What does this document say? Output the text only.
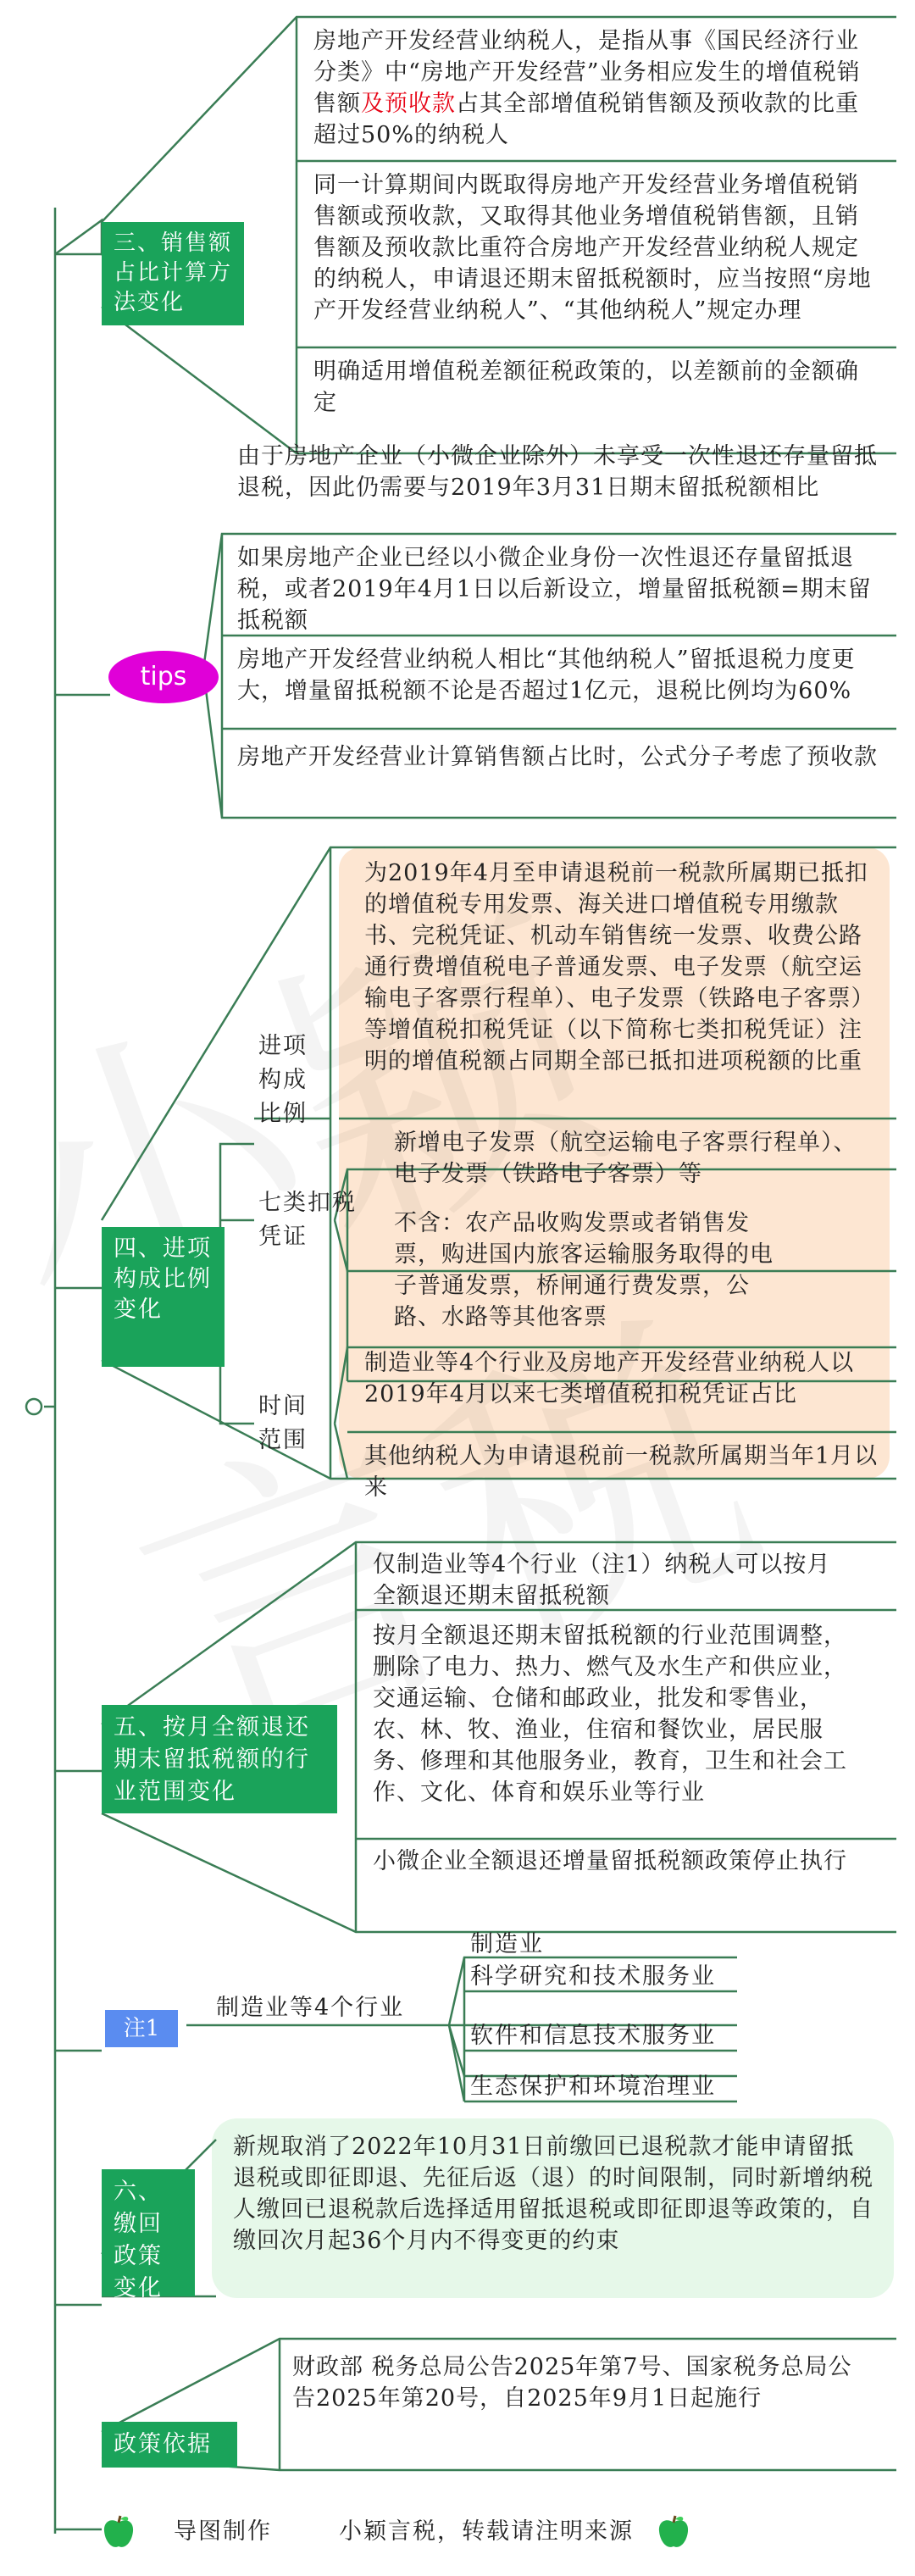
三、销售额占比计算方法变化
房地产开发经营业纳税人，是指从事《国民经济行业分类》中“房地产开发经营”业务相应发生的增值税销售额及预收款占其全部增值税销售额及预收款的比重超过50%的纳税人
同一计算期间内既取得房地产开发经营业务增值税销售额或预收款，又取得其他业务增值税销售额，且销售额及预收款比重符合房地产开发经营业纳税人规定的纳税人，申请退还期末留抵税额时，应当按照“房地产开发经营业纳税人”、“其他纳税人”规定办理
明确适用增值税差额征税政策的，以差额前的金额确定
tips
由于房地产企业（小微企业除外）未享受一次性退还存量留抵退税，因此仍需要与2019年3月31日期末留抵税额相比
如果房地产企业已经以小微企业身份一次性退还存量留抵退税，或者2019年4月1日以后新设立，增量留抵税额=期末留抵税额
房地产开发经营业纳税人相比“其他纳税人”留抵退税力度更大，增量留抵税额不论是否超过1亿元，退税比例均为60%
房地产开发经营业计算销售额占比时，公式分子考虑了预收款
四、进项构成比例变化
进项构成比例
为2019年4月至申请退税前一税款所属期已抵扣的增值税专用发票、海关进口增值税专用缴款书、完税凭证、机动车销售统一发票、收费公路通行费增值税电子普通发票、电子发票（航空运输电子客票行程单）、电子发票（铁路电子客票）等增值税扣税凭证（以下简称七类扣税凭证）注明的增值税额占同期全部已抵扣进项税额的比重
七类扣税凭证
新增电子发票（航空运输电子客票行程单）、电子发票（铁路电子客票）等
不含：农产品收购发票或者销售发票，购进国内旅客运输服务取得的电子普通发票，桥闸通行费发票，公路、水路等其他客票
时间范围
制造业等4个行业及房地产开发经营业纳税人以2019年4月以来七类增值税扣税凭证占比
其他纳税人为申请退税前一税款所属期当年1月以来
五、按月全额退还期末留抵税额的行业范围变化
仅制造业等4个行业（注1）纳税人可以按月全额退还期末留抵税额
按月全额退还期末留抵税额的行业范围调整，删除了电力、热力、燃气及水生产和供应业，交通运输、仓储和邮政业，批发和零售业，农、林、牧、渔业，住宿和餐饮业，居民服务、修理和其他服务业，教育，卫生和社会工作、文化、体育和娱乐业等行业
小微企业全额退还增量留抵税额政策停止执行
注1
制造业等4个行业
制造业
科学研究和技术服务业
软件和信息技术服务业
生态保护和环境治理业
六、缴回政策变化
新规取消了2022年10月31日前缴回已退税款才能申请留抵退税或即征即退、先征后返（退）的时间限制，同时新增纳税人缴回已退税款后选择适用留抵退税或即征即退等政策的，自缴回次月起36个月内不得变更的约束
政策依据
财政部 税务总局公告2025年第7号、国家税务总局公告2025年第20号，自2025年9月1日起施行
导图制作	小颖言税，转载请注明来源
